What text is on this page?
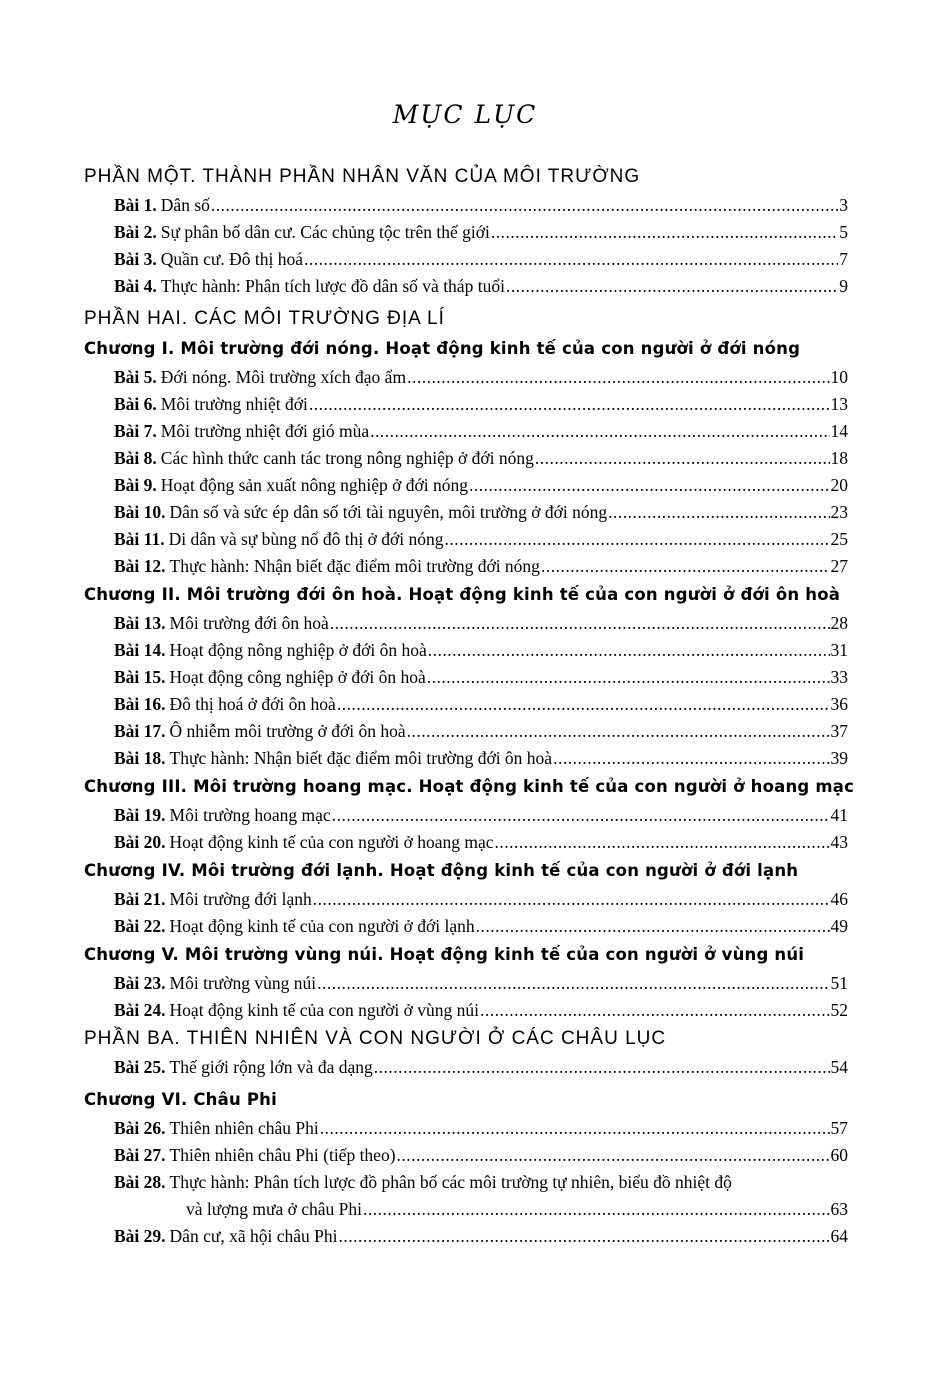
MỤC LỤC
PHẦN MỘT. THÀNH PHẦN NHÂN VĂN CỦA MÔI TRƯỜNG
Bài 1. Dân số .....	3
Bài 2. Sự phân bố dân cư. Các chủng tộc trên thế giới .....	5
Bài 3. Quần cư. Đô thị hoá .....	7
Bài 4. Thực hành: Phân tích lược đồ dân số và tháp tuổi .....	9
PHẦN HAI. CÁC MÔI TRƯỜNG ĐỊA LÍ
Chương I. Môi trường đới nóng. Hoạt động kinh tế của con người ở đới nóng
Bài 5. Đới nóng. Môi trường xích đạo ẩm .....	10
Bài 6. Môi trường nhiệt đới .....	13
Bài 7. Môi trường nhiệt đới gió mùa .....	14
Bài 8. Các hình thức canh tác trong nông nghiệp ở đới nóng .....	18
Bài 9. Hoạt động sản xuất nông nghiệp ở đới nóng .....	20
Bài 10. Dân số và sức ép dân số tới tài nguyên, môi trường ở đới nóng .....	23
Bài 11. Di dân và sự bùng nổ đô thị ở đới nóng .....	25
Bài 12. Thực hành: Nhận biết đặc điểm môi trường đới nóng .....	27
Chương II. Môi trường đới ôn hoà. Hoạt động kinh tế của con người ở đới ôn hoà
Bài 13. Môi trường đới ôn hoà .....	28
Bài 14. Hoạt động nông nghiệp ở đới ôn hoà .....	31
Bài 15. Hoạt động công nghiệp ở đới ôn hoà .....	33
Bài 16. Đô thị hoá ở đới ôn hoà .....	36
Bài 17. Ô nhiễm môi trường ở đới ôn hoà .....	37
Bài 18. Thực hành: Nhận biết đặc điểm môi trường đới ôn hoà .....	39
Chương III. Môi trường hoang mạc. Hoạt động kinh tế của con người ở hoang mạc
Bài 19. Môi trường hoang mạc .....	41
Bài 20. Hoạt động kinh tế của con người ở hoang mạc .....	43
Chương IV. Môi trường đới lạnh. Hoạt động kinh tế của con người ở đới lạnh
Bài 21. Môi trường đới lạnh .....	46
Bài 22. Hoạt động kinh tế của con người ở đới lạnh .....	49
Chương V. Môi trường vùng núi. Hoạt động kinh tế của con người ở vùng núi
Bài 23. Môi trường vùng núi .....	51
Bài 24. Hoạt động kinh tế của con người ở vùng núi .....	52
PHẦN BA. THIÊN NHIÊN VÀ CON NGƯỜI Ở CÁC CHÂU LỤC
Bài 25. Thế giới rộng lớn và đa dạng .....	54
Chương VI. Châu Phi
Bài 26. Thiên nhiên châu Phi .....	57
Bài 27. Thiên nhiên châu Phi (tiếp theo) .....	60
Bài 28. Thực hành: Phân tích lược đồ phân bố các môi trường tự nhiên, biểu đồ nhiệt độ
và lượng mưa ở châu Phi .....	63
Bài 29. Dân cư, xã hội châu Phi .....	64
